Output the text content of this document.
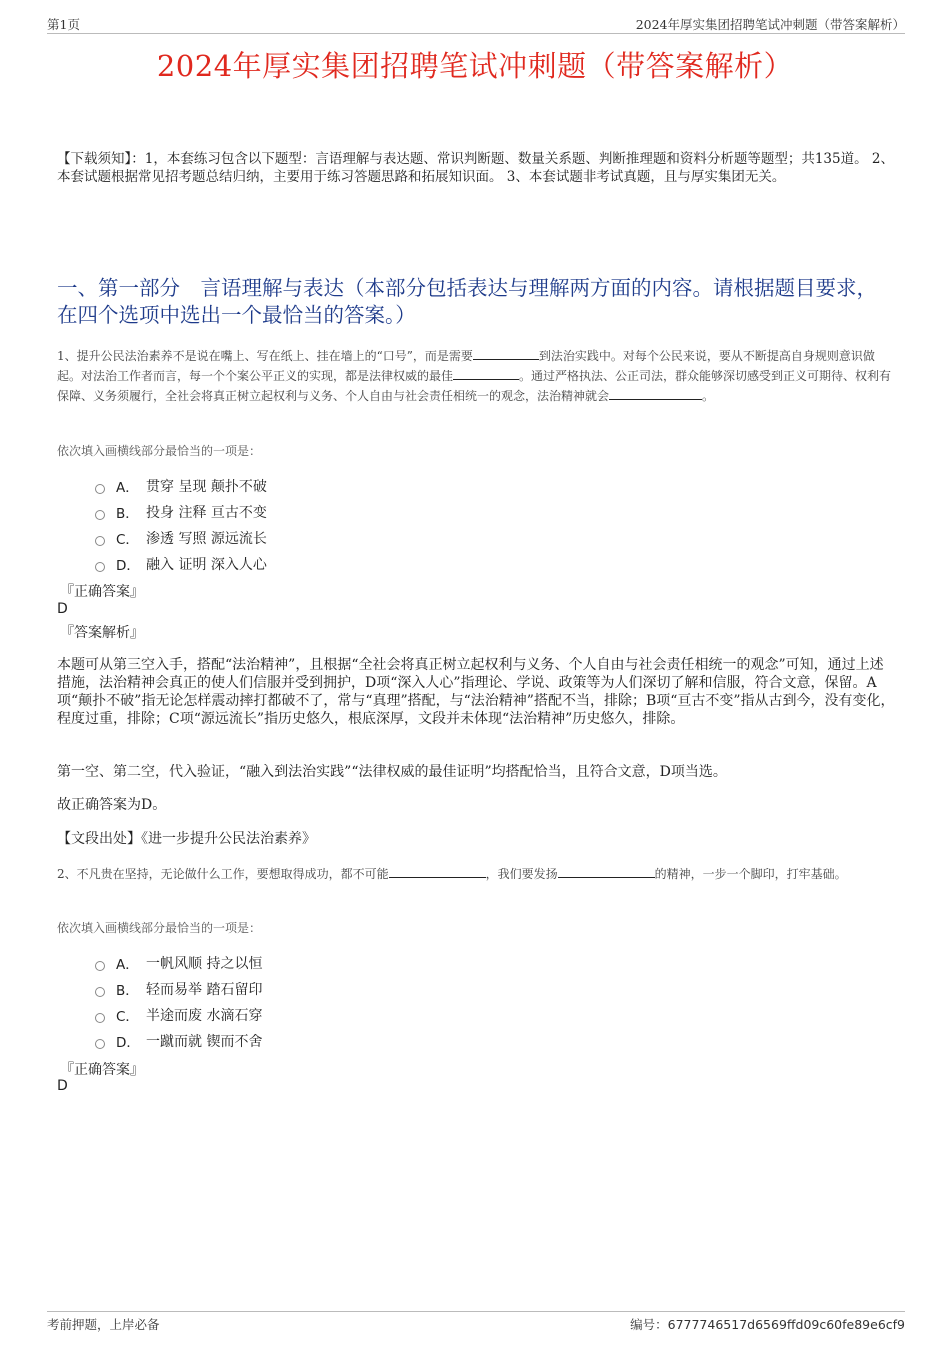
第1页	2024年厚实集团招聘笔试冲刺题（带答案解析）
2024年厚实集团招聘笔试冲刺题（带答案解析）
【下载须知】：1，本套练习包含以下题型：言语理解与表达题、常识判断题、数量关系题、判断推理题和资料分析题等题型；共135道。 2、本套试题根据常见招考题总结归纳，主要用于练习答题思路和拓展知识面。 3、本套试题非考试真题，且与厚实集团无关。
一、第一部分　言语理解与表达（本部分包括表达与理解两方面的内容。请根据题目要求，在四个选项中选出一个最恰当的答案。）
1、提升公民法治素养不是说在嘴上、写在纸上、挂在墙上的“口号”，而是需要	到法治实践中。对每个公民来说，要从不断提高自身规则意识做起。对法治工作者而言，每一个个案公平正义的实现，都是法律权威的最佳	。通过严格执法、公正司法，群众能够深切感受到正义可期待、权利有保障、义务须履行，全社会将真正树立起权利与义务、个人自由与社会责任相统一的观念，法治精神就会	。
依次填入画横线部分最恰当的一项是：
A． 贯穿 呈现 颠扑不破
B． 投身 注释 亘古不变
C． 渗透 写照 源远流长
D． 融入 证明 深入人心
『正确答案』
D
『答案解析』
本题可从第三空入手，搭配“法治精神”，且根据“全社会将真正树立起权利与义务、个人自由与社会责任相统一的观念”可知，通过上述措施，法治精神会真正的使人们信服并受到拥护，D项“深入人心”指理论、学说、政策等为人们深切了解和信服，符合文意，保留。A项“颠扑不破”指无论怎样震动摔打都破不了，常与“真理”搭配，与“法治精神”搭配不当，排除；B项“亘古不变”指从古到今，没有变化，程度过重，排除；C项“源远流长”指历史悠久，根底深厚，文段并未体现“法治精神”历史悠久，排除。
第一空、第二空，代入验证，“融入到法治实践”“法律权威的最佳证明”均搭配恰当，且符合文意，D项当选。
故正确答案为D。
【文段出处】《进一步提升公民法治素养》
2、不凡贵在坚持，无论做什么工作，要想取得成功，都不可能	，我们要发扬	的精神，一步一个脚印，打牢基础。
依次填入画横线部分最恰当的一项是：
A． 一帆风顺 持之以恒
B． 轻而易举 踏石留印
C． 半途而废 水滴石穿
D． 一蹴而就 锲而不舍
『正确答案』
D
考前押题，上岸必备	编号：6777746517d6569ffd09c60fe89e6cf9
